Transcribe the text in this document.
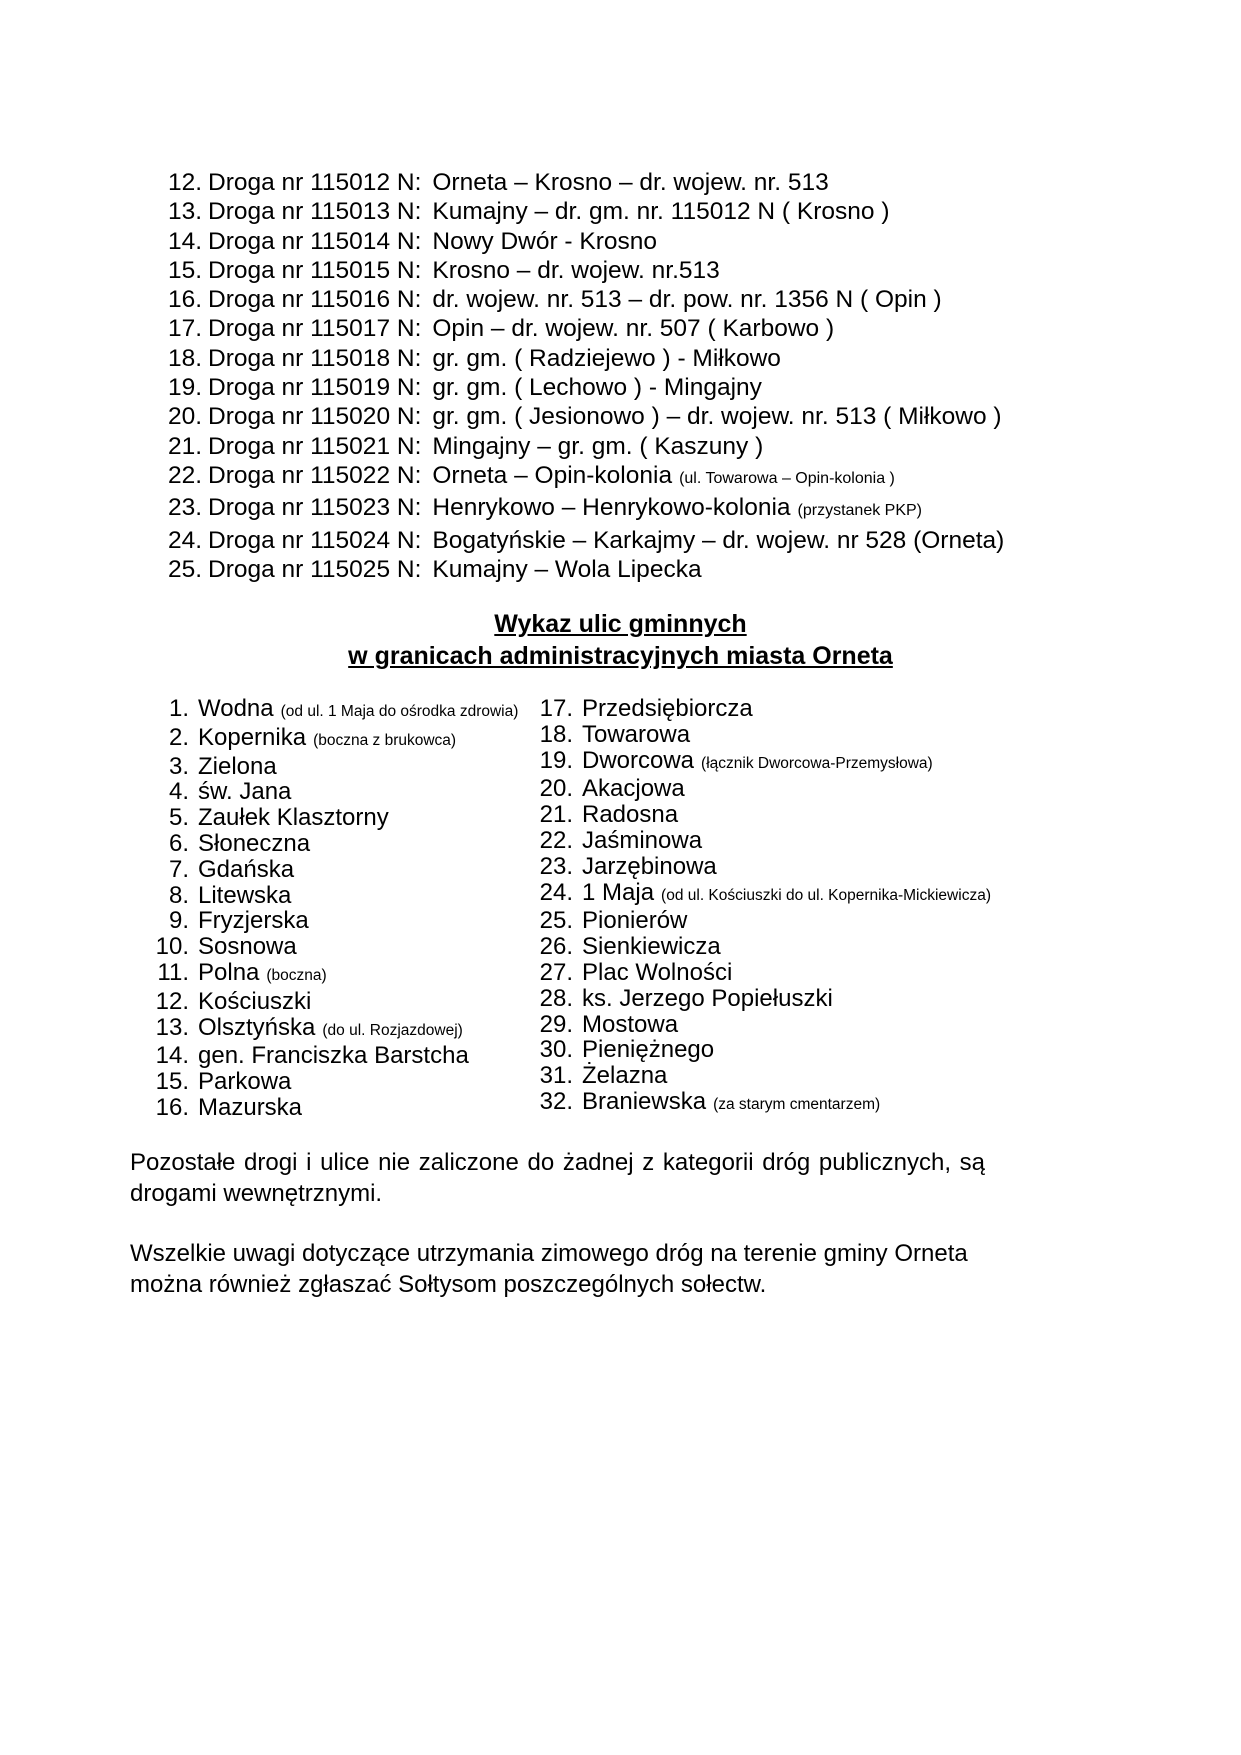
12. Droga nr 115012 N: Orneta – Krosno – dr. wojew. nr. 513
13. Droga nr 115013 N: Kumajny – dr. gm. nr. 115012 N ( Krosno )
14. Droga nr 115014 N: Nowy Dwór - Krosno
15. Droga nr 115015 N: Krosno – dr. wojew. nr.513
16. Droga nr 115016 N: dr. wojew. nr. 513 – dr. pow. nr. 1356 N ( Opin )
17. Droga nr 115017 N: Opin – dr. wojew. nr. 507 ( Karbowo )
18. Droga nr 115018 N: gr. gm. ( Radziejewo ) - Miłkowo
19. Droga nr 115019 N: gr. gm. ( Lechowo ) - Mingajny
20. Droga nr 115020 N: gr. gm. ( Jesionowo ) – dr. wojew. nr. 513 ( Miłkowo )
21. Droga nr 115021 N: Mingajny – gr. gm. ( Kaszuny )
22. Droga nr 115022 N: Orneta – Opin-kolonia (ul. Towarowa – Opin-kolonia )
23. Droga nr 115023 N: Henrykowo – Henrykowo-kolonia (przystanek PKP)
24. Droga nr 115024 N: Bogatyńskie – Karkajmy – dr. wojew. nr 528 (Orneta)
25. Droga nr 115025 N: Kumajny – Wola Lipecka
Wykaz ulic gminnych
w granicach administracyjnych miasta Orneta
1. Wodna (od ul. 1 Maja do ośrodka zdrowia)
2. Kopernika (boczna z brukowca)
3. Zielona
4. św. Jana
5. Zaułek Klasztorny
6. Słoneczna
7. Gdańska
8. Litewska
9. Fryzjerska
10. Sosnowa
11. Polna (boczna)
12. Kościuszki
13. Olsztyńska (do ul. Rozjazdowej)
14. gen. Franciszka Barstcha
15. Parkowa
16. Mazurska
17. Przedsiębiorcza
18. Towarowa
19. Dworcowa (łącznik Dworcowa-Przemysłowa)
20. Akacjowa
21. Radosna
22. Jaśminowa
23. Jarzębinowa
24. 1 Maja (od ul. Kościuszki do ul. Kopernika-Mickiewicza)
25. Pionierów
26. Sienkiewicza
27. Plac Wolności
28. ks. Jerzego Popiełuszki
29. Mostowa
30. Pieniężnego
31. Żelazna
32. Braniewska (za starym cmentarzem)

Pozostałe drogi i ulice nie zaliczone do żadnej z kategorii dróg publicznych, są drogami wewnętrznymi.

Wszelkie uwagi dotyczące utrzymania zimowego dróg na terenie gminy Orneta można również zgłaszać Sołtysom poszczególnych sołectw.
